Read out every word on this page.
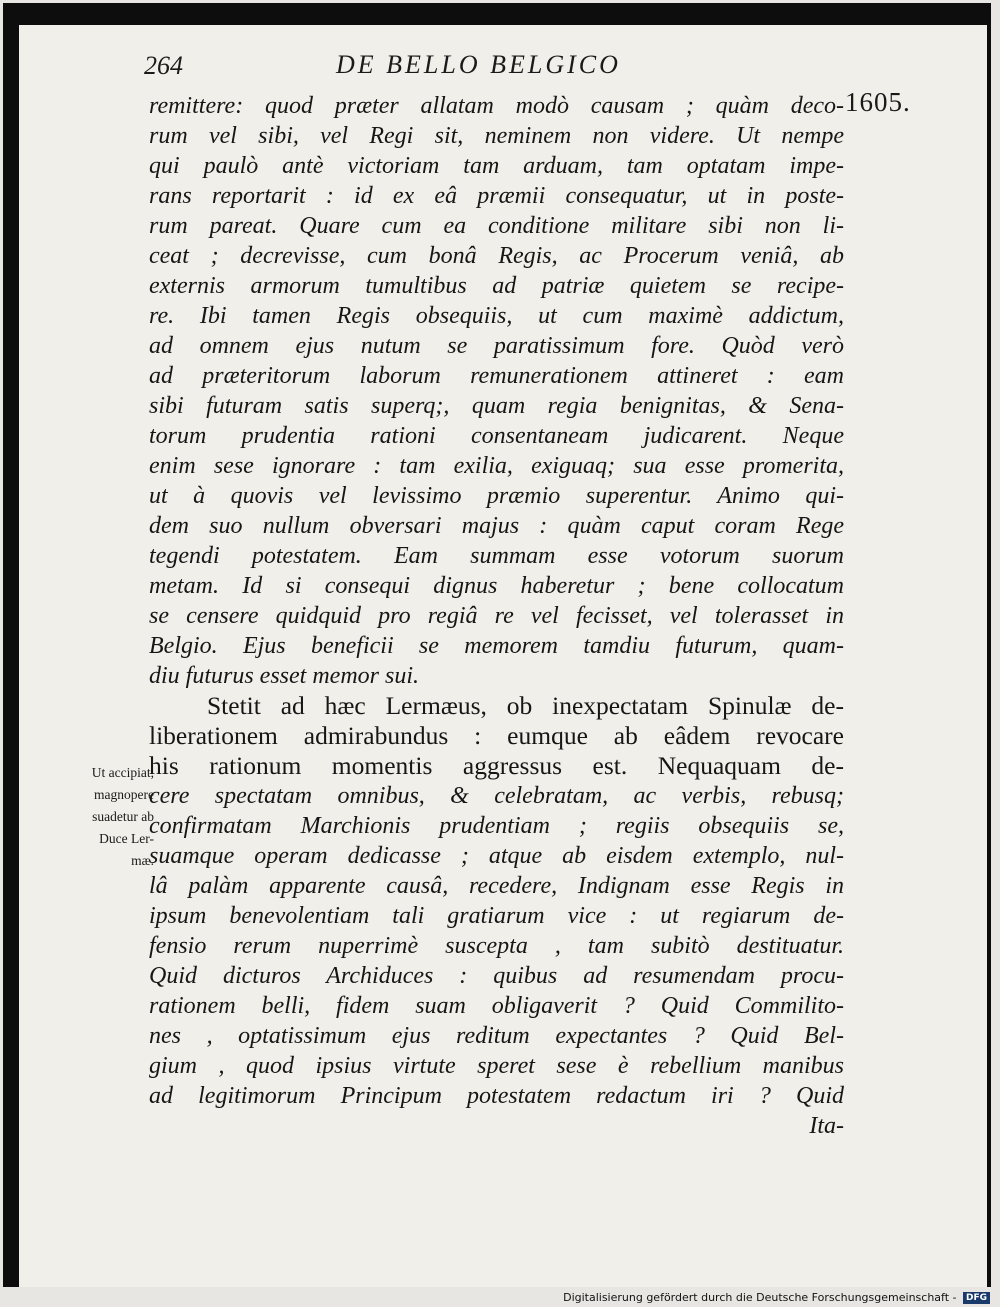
264	DE BELLO BELGICO
1605.
Ut accipiat,
magnopere
suadetur ab
Duce Ler-
mæ.
remittere: quod præter allatam modò causam ; quàm deco-
rum vel sibi, vel Regi sit, neminem non videre. Ut nempe
qui paulò antè victoriam tam arduam, tam optatam impe-
rans reportarit : id ex eâ præmii consequatur, ut in poste-
rum pareat. Quare cum ea conditione militare sibi non li-
ceat ; decrevisse, cum bonâ Regis, ac Procerum veniâ, ab
externis armorum tumultibus ad patriæ quietem se recipe-
re. Ibi tamen Regis obsequiis, ut cum maximè addictum,
ad omnem ejus nutum se paratissimum fore. Quòd verò
ad præteritorum laborum remunerationem attineret : eam
sibi futuram satis superq;, quam regia benignitas, & Sena-
torum prudentia rationi consentaneam judicarent. Neque
enim sese ignorare : tam exilia, exiguaq; sua esse promerita,
ut à quovis vel levissimo præmio superentur. Animo qui-
dem suo nullum obversari majus : quàm caput coram Rege
tegendi potestatem. Eam summam esse votorum suorum
metam. Id si consequi dignus haberetur ; bene collocatum
se censere quidquid pro regiâ re vel fecisset, vel tolerasset in
Belgio. Ejus beneficii se memorem tamdiu futurum, quam-
diu futurus esset memor sui.
Stetit ad hæc Lermæus, ob inexpectatam Spinulæ de-
liberationem admirabundus : eumque ab eâdem revocare
his rationum momentis aggressus est. Nequaquam de-
cere spectatam omnibus, & celebratam, ac verbis, rebusq;
confirmatam Marchionis prudentiam ; regiis obsequiis se,
suamque operam dedicasse ; atque ab eisdem extemplo, nul-
lâ palàm apparente causâ, recedere, Indignam esse Regis in
ipsum benevolentiam tali gratiarum vice : ut regiarum de-
fensio rerum nuperrimè suscepta , tam subitò destituatur.
Quid dicturos Archiduces : quibus ad resumendam procu-
rationem belli, fidem suam obligaverit ? Quid Commilito-
nes , optatissimum ejus reditum expectantes ? Quid Bel-
gium , quod ipsius virtute speret sese è rebellium manibus
ad legitimorum Principum potestatem redactum iri ? Quid
Ita-
Digitalisierung gefördert durch die Deutsche Forschungsgemeinschaft - DFG
